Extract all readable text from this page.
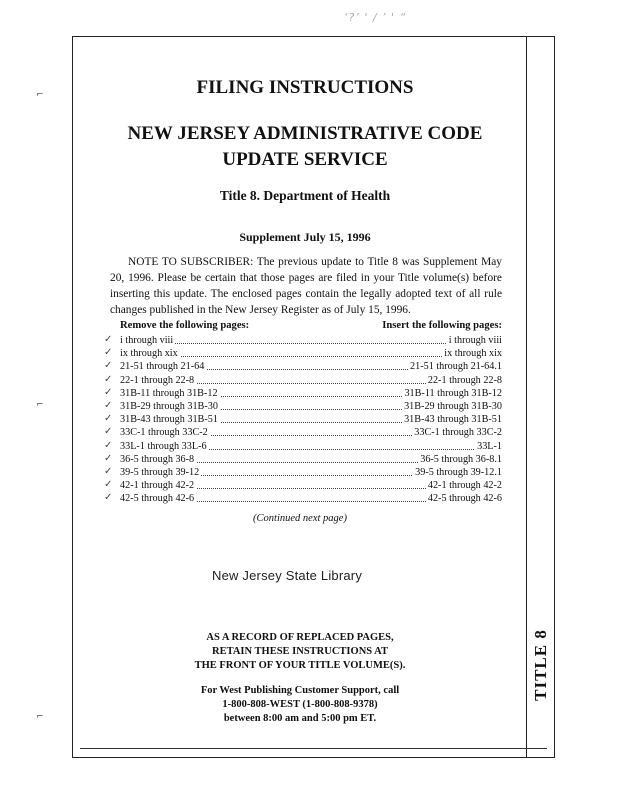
‘?’ ' / ’ ' “
TITLE 8
FILING INSTRUCTIONS
NEW JERSEY ADMINISTRATIVE CODE
UPDATE SERVICE
Title 8. Department of Health
Supplement July 15, 1996
NOTE TO SUBSCRIBER: The previous update to Title 8 was Supplement May 20, 1996. Please be certain that those pages are filed in your Title volume(s) before inserting this update. The enclosed pages contain the legally adopted text of all rule changes published in the New Jersey Register as of July 15, 1996.
Remove the following pages:	Insert the following pages:
✓ i through viii	i through viii
✓ ix through xix	ix through xix
✓ 21-51 through 21-64	21-51 through 21-64.1
✓ 22-1 through 22-8	22-1 through 22-8
✓ 31B-11 through 31B-12	31B-11 through 31B-12
✓ 31B-29 through 31B-30	31B-29 through 31B-30
✓ 31B-43 through 31B-51	31B-43 through 31B-51
✓ 33C-1 through 33C-2	33C-1 through 33C-2
✓ 33L-1 through 33L-6	33L-1
✓ 36-5 through 36-8	36-5 through 36-8.1
✓ 39-5 through 39-12	39-5 through 39-12.1
✓ 42-1 through 42-2	42-1 through 42-2
✓ 42-5 through 42-6	42-5 through 42-6
(Continued next page)
New Jersey State Library
AS A RECORD OF REPLACED PAGES,
RETAIN THESE INSTRUCTIONS AT
THE FRONT OF YOUR TITLE VOLUME(S).
For West Publishing Customer Support, call
1-800-808-WEST (1-800-808-9378)
between 8:00 am and 5:00 pm ET.
⌐
⌐
⌐
